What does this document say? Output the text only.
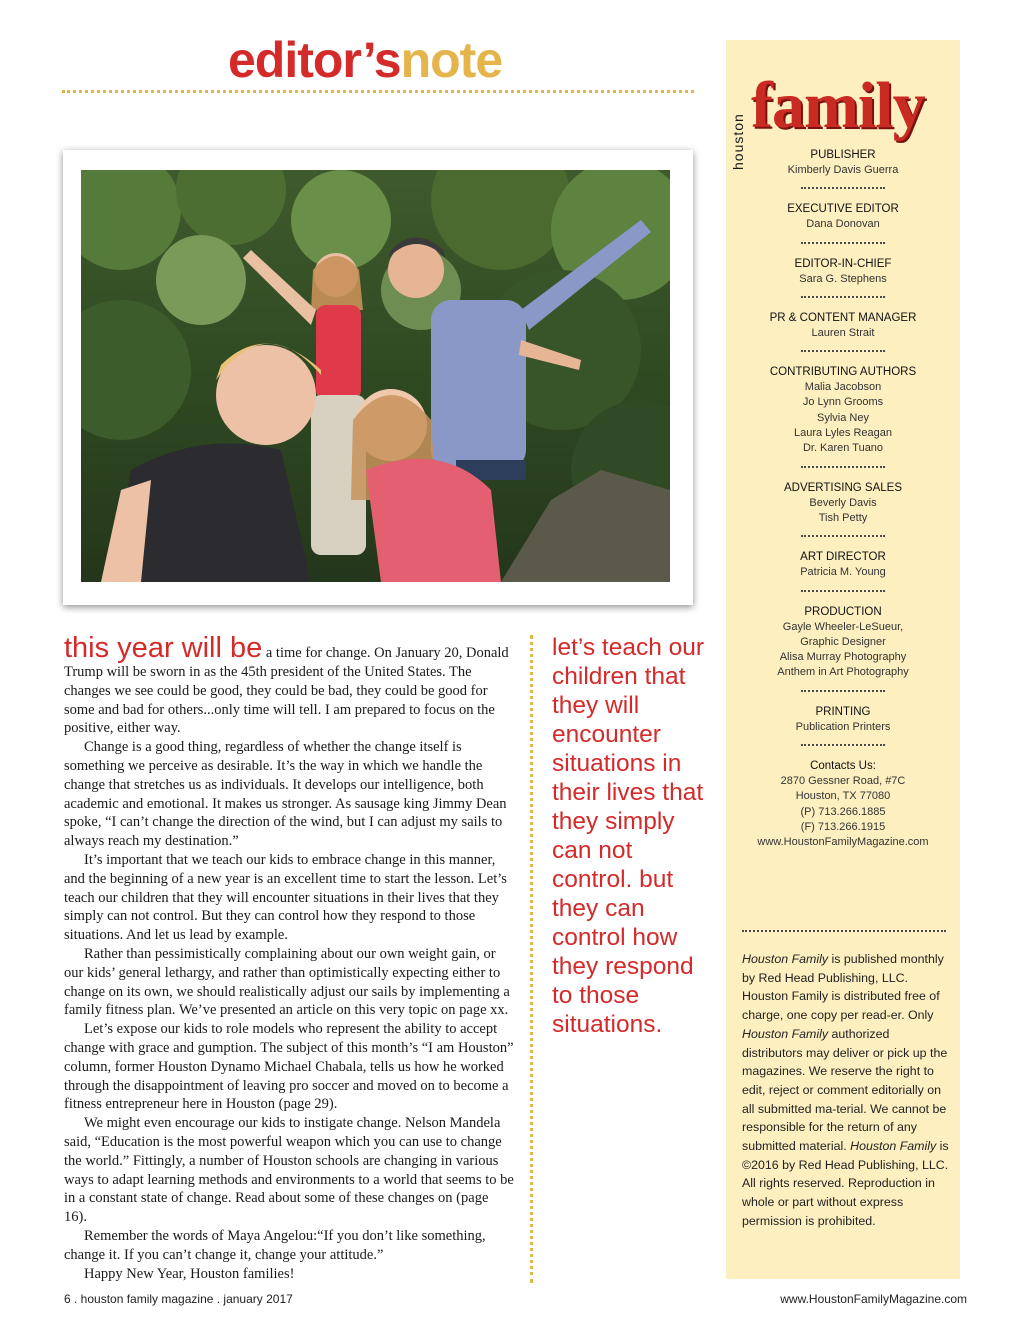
editor’snote

this year will be a time for change. On January 20, Donald Trump will be sworn in as the 45th president of the United States. The changes we see could be good, they could be bad, they could be good for some and bad for others...only time will tell. I am prepared to focus on the positive, either way.

Change is a good thing, regardless of whether the change itself is something we perceive as desirable. It’s the way in which we handle the change that stretches us as individuals. It develops our intelligence, both academic and emotional. It makes us stronger. As sausage king Jimmy Dean spoke, “I can’t change the direction of the wind, but I can adjust my sails to always reach my destination.”

It’s important that we teach our kids to embrace change in this manner, and the beginning of a new year is an excellent time to start the lesson. Let’s teach our children that they will encounter situations in their lives that they simply can not control. But they can control how they respond to those situations. And let us lead by example.

Rather than pessimistically complaining about our own weight gain, or our kids’ general lethargy, and rather than optimistically expecting either to change on its own, we should realistically adjust our sails by implementing a family fitness plan. We’ve presented an article on this very topic on page xx.

Let’s expose our kids to role models who represent the ability to accept change with grace and gumption. The subject of this month’s “I am Houston” column, former Houston Dynamo Michael Chabala, tells us how he worked through the disappointment of leaving pro soccer and moved on to become a fitness entrepreneur here in Houston (page 29).

We might even encourage our kids to instigate change. Nelson Mandela said, “Education is the most powerful weapon which you can use to change the world.” Fittingly, a number of Houston schools are changing in various ways to adapt learning methods and environments to a world that seems to be in a constant state of change. Read about some of these changes on (page 16).

Remember the words of Maya Angelou:“If you don’t like something, change it. If you can’t change it, change your attitude.”

Happy New Year, Houston families!

let’s teach our children that they will encounter situations in their lives that they simply can not control. but they can control how they respond to those situations.
houston family
PUBLISHER
Kimberly Davis Guerra
EXECUTIVE EDITOR
Dana Donovan
EDITOR-IN-CHIEF
Sara G. Stephens
PR & CONTENT MANAGER
Lauren Strait
CONTRIBUTING AUTHORS
Malia Jacobson
Jo Lynn Grooms
Sylvia Ney
Laura Lyles Reagan
Dr. Karen Tuano
ADVERTISING SALES
Beverly Davis
Tish Petty
ART DIRECTOR
Patricia M. Young
PRODUCTION
Gayle Wheeler-LeSueur,
Graphic Designer
Alisa Murray Photography
Anthem in Art Photography
PRINTING
Publication Printers
Contacts Us:
2870 Gessner Road, #7C
Houston, TX 77080
(P) 713.266.1885
(F) 713.266.1915
www.HoustonFamilyMagazine.com
Houston Family is published monthly by Red Head Publishing, LLC. Houston Family is distributed free of charge, one copy per read-er. Only Houston Family authorized distributors may deliver or pick up the magazines. We reserve the right to edit, reject or comment editorially on all submitted ma-terial. We cannot be responsible for the return of any submitted material. Houston Family is ©2016 by Red Head Publishing, LLC. All rights reserved. Reproduction in whole or part without express permission is prohibited.
6 . houston family magazine . january 2017	www.HoustonFamilyMagazine.com
